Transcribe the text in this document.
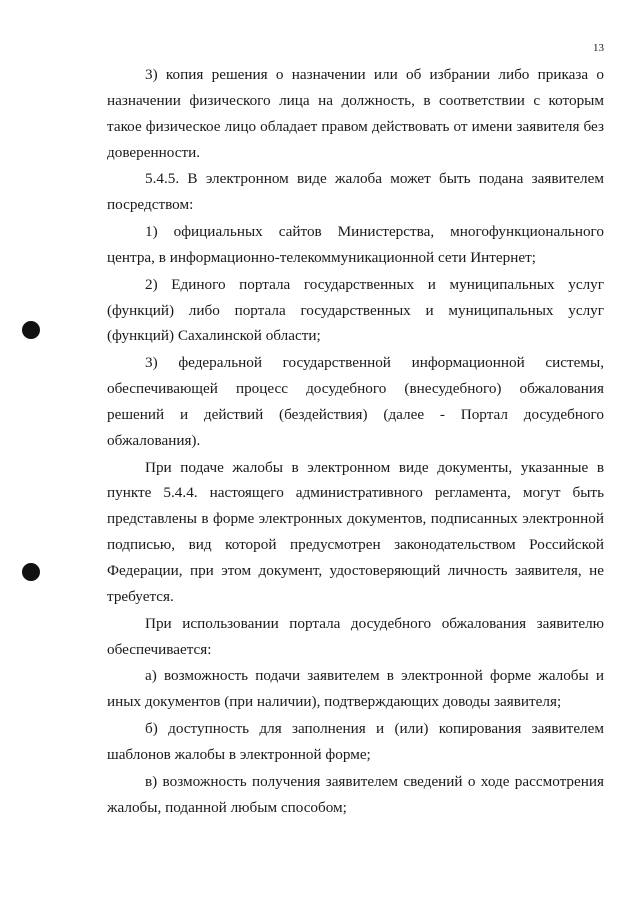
13

3) копия решения о назначении или об избрании либо приказа о назначении физического лица на должность, в соответствии с которым такое физическое лицо обладает правом действовать от имени заявителя без доверенности.

5.4.5. В электронном виде жалоба может быть подана заявителем посредством:

1) официальных сайтов Министерства, многофункционального центра, в информационно-телекоммуникационной сети Интернет;

2) Единого портала государственных и муниципальных услуг (функций) либо портала государственных и муниципальных услуг (функций) Сахалинской области;

3) федеральной государственной информационной системы, обеспечивающей процесс досудебного (внесудебного) обжалования решений и действий (бездействия) (далее - Портал досудебного обжалования).

При подаче жалобы в электронном виде документы, указанные в пункте 5.4.4. настоящего административного регламента, могут быть представлены в форме электронных документов, подписанных электронной подписью, вид которой предусмотрен законодательством Российской Федерации, при этом документ, удостоверяющий личность заявителя, не требуется.

При использовании портала досудебного обжалования заявителю обеспечивается:

а) возможность подачи заявителем в электронной форме жалобы и иных документов (при наличии), подтверждающих доводы заявителя;

б) доступность для заполнения и (или) копирования заявителем шаблонов жалобы в электронной форме;

в) возможность получения заявителем сведений о ходе рассмотрения жалобы, поданной любым способом;
